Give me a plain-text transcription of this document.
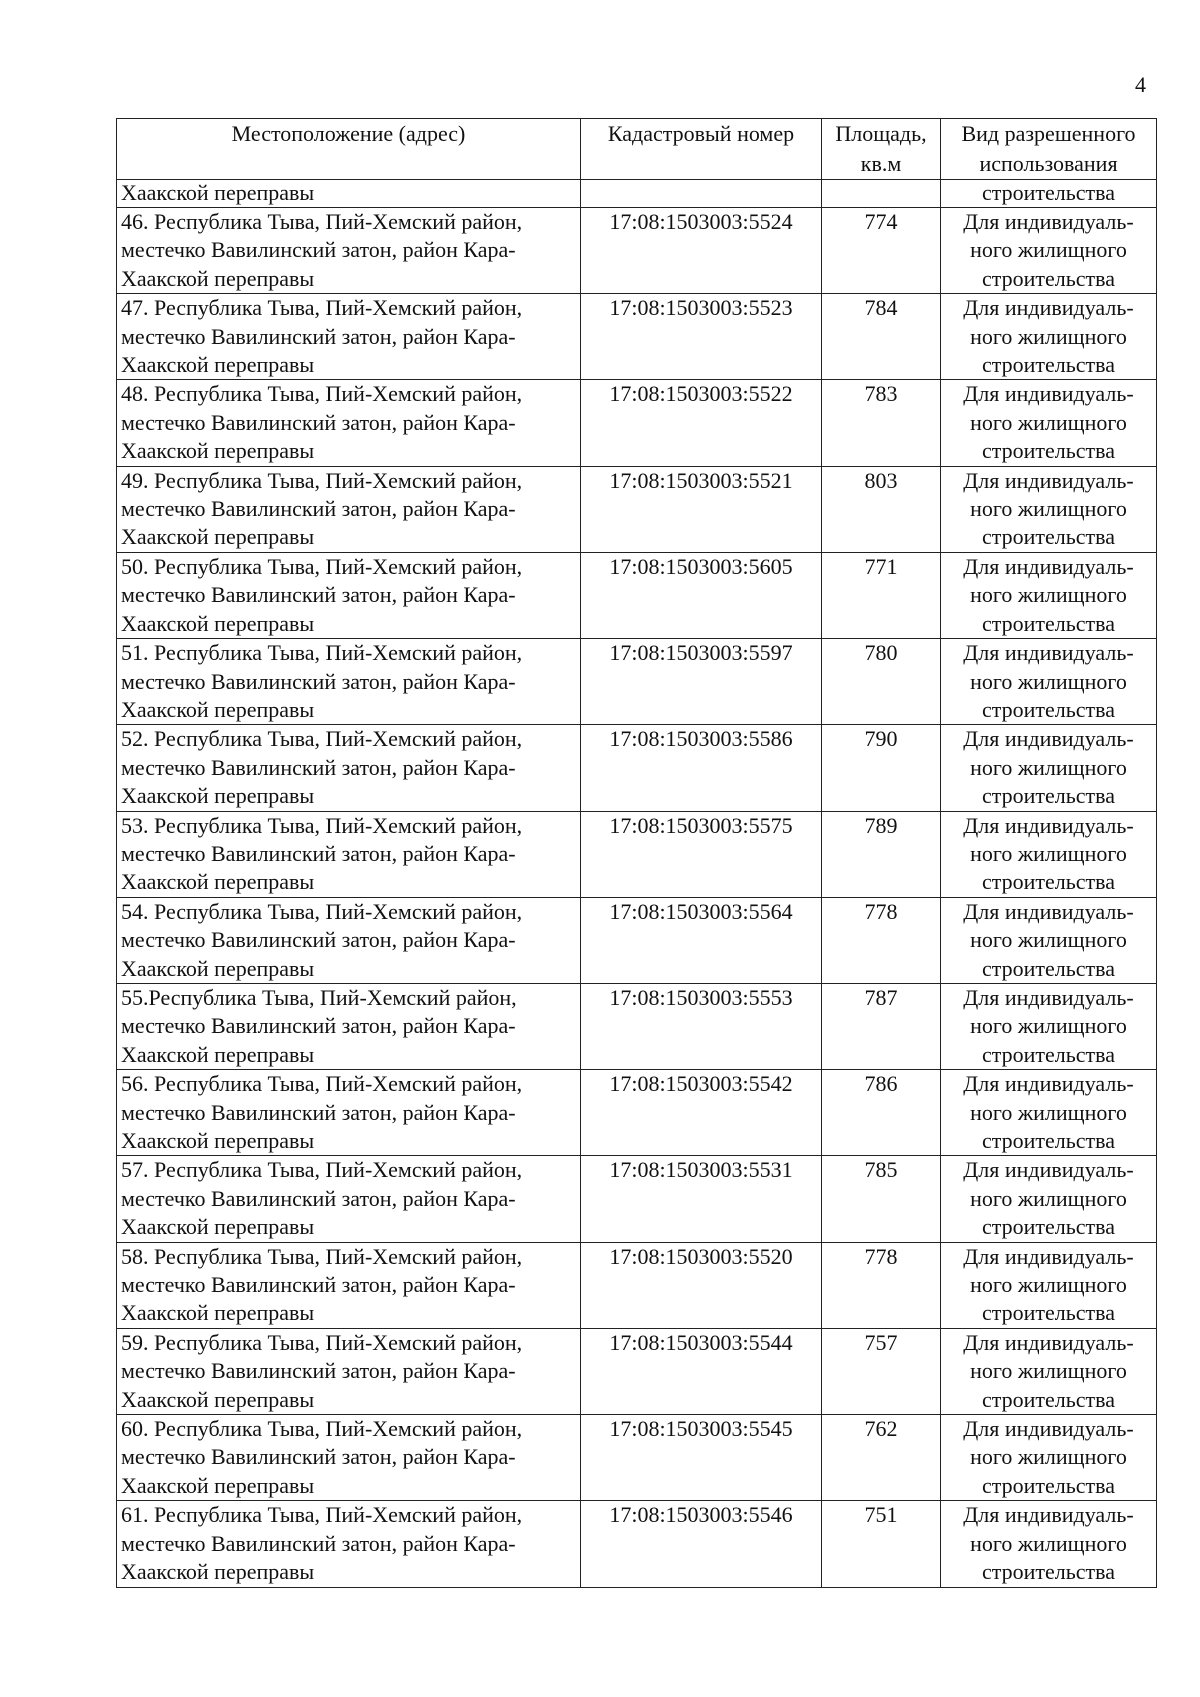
4
Местоположение (адрес)	Кадастровый номер	Площадь,
кв.м	Вид разрешенного
использования
Хаакской переправы			строительства
46. Республика Тыва, Пий-Хемский район,
местечко Вавилинский затон, район Кара-
Хаакской переправы	17:08:1503003:5524	774	Для индивидуаль-
ного жилищного
строительства
47. Республика Тыва, Пий-Хемский район,
местечко Вавилинский затон, район Кара-
Хаакской переправы	17:08:1503003:5523	784	Для индивидуаль-
ного жилищного
строительства
48. Республика Тыва, Пий-Хемский район,
местечко Вавилинский затон, район Кара-
Хаакской переправы	17:08:1503003:5522	783	Для индивидуаль-
ного жилищного
строительства
49. Республика Тыва, Пий-Хемский район,
местечко Вавилинский затон, район Кара-
Хаакской переправы	17:08:1503003:5521	803	Для индивидуаль-
ного жилищного
строительства
50. Республика Тыва, Пий-Хемский район,
местечко Вавилинский затон, район Кара-
Хаакской переправы	17:08:1503003:5605	771	Для индивидуаль-
ного жилищного
строительства
51. Республика Тыва, Пий-Хемский район,
местечко Вавилинский затон, район Кара-
Хаакской переправы	17:08:1503003:5597	780	Для индивидуаль-
ного жилищного
строительства
52. Республика Тыва, Пий-Хемский район,
местечко Вавилинский затон, район Кара-
Хаакской переправы	17:08:1503003:5586	790	Для индивидуаль-
ного жилищного
строительства
53. Республика Тыва, Пий-Хемский район,
местечко Вавилинский затон, район Кара-
Хаакской переправы	17:08:1503003:5575	789	Для индивидуаль-
ного жилищного
строительства
54. Республика Тыва, Пий-Хемский район,
местечко Вавилинский затон, район Кара-
Хаакской переправы	17:08:1503003:5564	778	Для индивидуаль-
ного жилищного
строительства
55.Республика Тыва, Пий-Хемский район,
местечко Вавилинский затон, район Кара-
Хаакской переправы	17:08:1503003:5553	787	Для индивидуаль-
ного жилищного
строительства
56. Республика Тыва, Пий-Хемский район,
местечко Вавилинский затон, район Кара-
Хаакской переправы	17:08:1503003:5542	786	Для индивидуаль-
ного жилищного
строительства
57. Республика Тыва, Пий-Хемский район,
местечко Вавилинский затон, район Кара-
Хаакской переправы	17:08:1503003:5531	785	Для индивидуаль-
ного жилищного
строительства
58. Республика Тыва, Пий-Хемский район,
местечко Вавилинский затон, район Кара-
Хаакской переправы	17:08:1503003:5520	778	Для индивидуаль-
ного жилищного
строительства
59. Республика Тыва, Пий-Хемский район,
местечко Вавилинский затон, район Кара-
Хаакской переправы	17:08:1503003:5544	757	Для индивидуаль-
ного жилищного
строительства
60. Республика Тыва, Пий-Хемский район,
местечко Вавилинский затон, район Кара-
Хаакской переправы	17:08:1503003:5545	762	Для индивидуаль-
ного жилищного
строительства
61. Республика Тыва, Пий-Хемский район,
местечко Вавилинский затон, район Кара-
Хаакской переправы	17:08:1503003:5546	751	Для индивидуаль-
ного жилищного
строительства
